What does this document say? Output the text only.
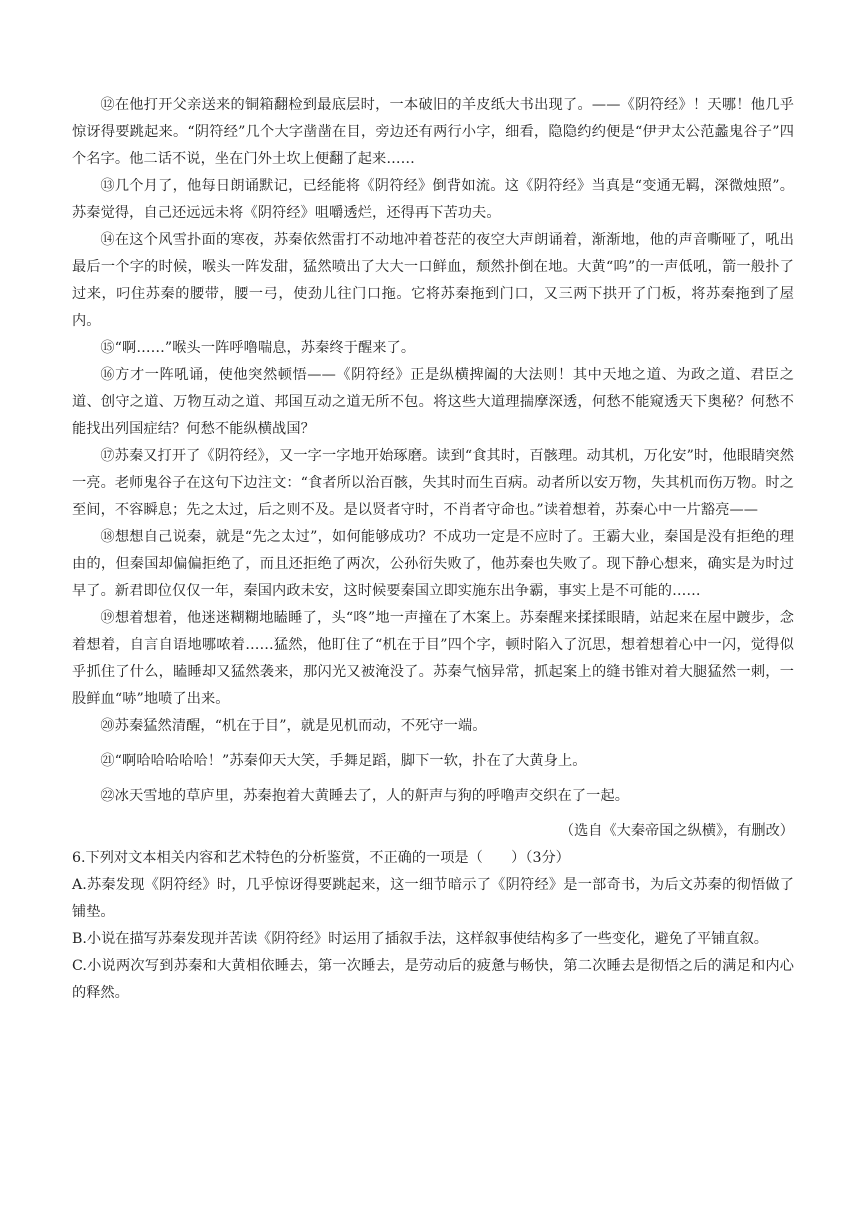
⑫在他打开父亲送来的铜箱翻检到最底层时，一本破旧的羊皮纸大书出现了。——《阴符经》！天哪！他几乎惊讶得要跳起来。“阴符经”几个大字凿凿在目，旁边还有两行小字，细看，隐隐约约便是“伊尹太公范蠡鬼谷子”四个名字。他二话不说，坐在门外土坎上便翻了起来……

⑬几个月了，他每日朗诵默记，已经能将《阴符经》倒背如流。这《阴符经》当真是“变通无羁，深微烛照”。苏秦觉得，自己还远远未将《阴符经》咀嚼透烂，还得再下苦功夫。

⑭在这个风雪扑面的寒夜，苏秦依然雷打不动地冲着苍茫的夜空大声朗诵着，渐渐地，他的声音嘶哑了，吼出最后一个字的时候，喉头一阵发甜，猛然喷出了大大一口鲜血，颓然扑倒在地。大黄“呜”的一声低吼，箭一般扑了过来，叼住苏秦的腰带，腰一弓，使劲儿往门口拖。它将苏秦拖到门口，又三两下拱开了门板，将苏秦拖到了屋内。

⑮“啊……”喉头一阵呼噜喘息，苏秦终于醒来了。

⑯方才一阵吼诵，使他突然顿悟——《阴符经》正是纵横捭阖的大法则！其中天地之道、为政之道、君臣之道、创守之道、万物互动之道、邦国互动之道无所不包。将这些大道理揣摩深透，何愁不能窥透天下奥秘？何愁不能找出列国症结？何愁不能纵横战国？

⑰苏秦又打开了《阴符经》，又一字一字地开始琢磨。读到“食其时，百骸理。动其机，万化安”时，他眼睛突然一亮。老师鬼谷子在这句下边注文：“食者所以治百骸，失其时而生百病。动者所以安万物，失其机而伤万物。时之至间，不容瞬息；先之太过，后之则不及。是以贤者守时，不肖者守命也。”读着想着，苏秦心中一片豁亮——

⑱想想自己说秦，就是“先之太过”，如何能够成功？不成功一定是不应时了。王霸大业，秦国是没有拒绝的理由的，但秦国却偏偏拒绝了，而且还拒绝了两次，公孙衍失败了，他苏秦也失败了。现下静心想来，确实是为时过早了。新君即位仅仅一年，秦国内政未安，这时候要秦国立即实施东出争霸，事实上是不可能的……

⑲想着想着，他迷迷糊糊地瞌睡了，头“咚”地一声撞在了木案上。苏秦醒来揉揉眼睛，站起来在屋中踱步，念着想着，自言自语地哪哝着……猛然，他盯住了“机在于目”四个字，顿时陷入了沉思，想着想着心中一闪，觉得似乎抓住了什么，瞌睡却又猛然袭来，那闪光又被淹没了。苏秦气恼异常，抓起案上的缝书锥对着大腿猛然一刺，一股鲜血“哧”地喷了出来。

⑳苏秦猛然清醒，“机在于目”，就是见机而动，不死守一端。

㉑“啊哈哈哈哈哈！”苏秦仰天大笑，手舞足蹈，脚下一软，扑在了大黄身上。

㉒冰天雪地的草庐里，苏秦抱着大黄睡去了，人的鼾声与狗的呼噜声交织在了一起。

（选自《大秦帝国之纵横》，有删改）

6.下列对文本相关内容和艺术特色的分析鉴赏，不正确的一项是（　　）（3分）

A.苏秦发现《阴符经》时，几乎惊讶得要跳起来，这一细节暗示了《阴符经》是一部奇书，为后文苏秦的彻悟做了铺垫。

B.小说在描写苏秦发现并苦读《阴符经》时运用了插叙手法，这样叙事使结构多了一些变化，避免了平铺直叙。

C.小说两次写到苏秦和大黄相依睡去，第一次睡去，是劳动后的疲惫与畅快，第二次睡去是彻悟之后的满足和内心的释然。
